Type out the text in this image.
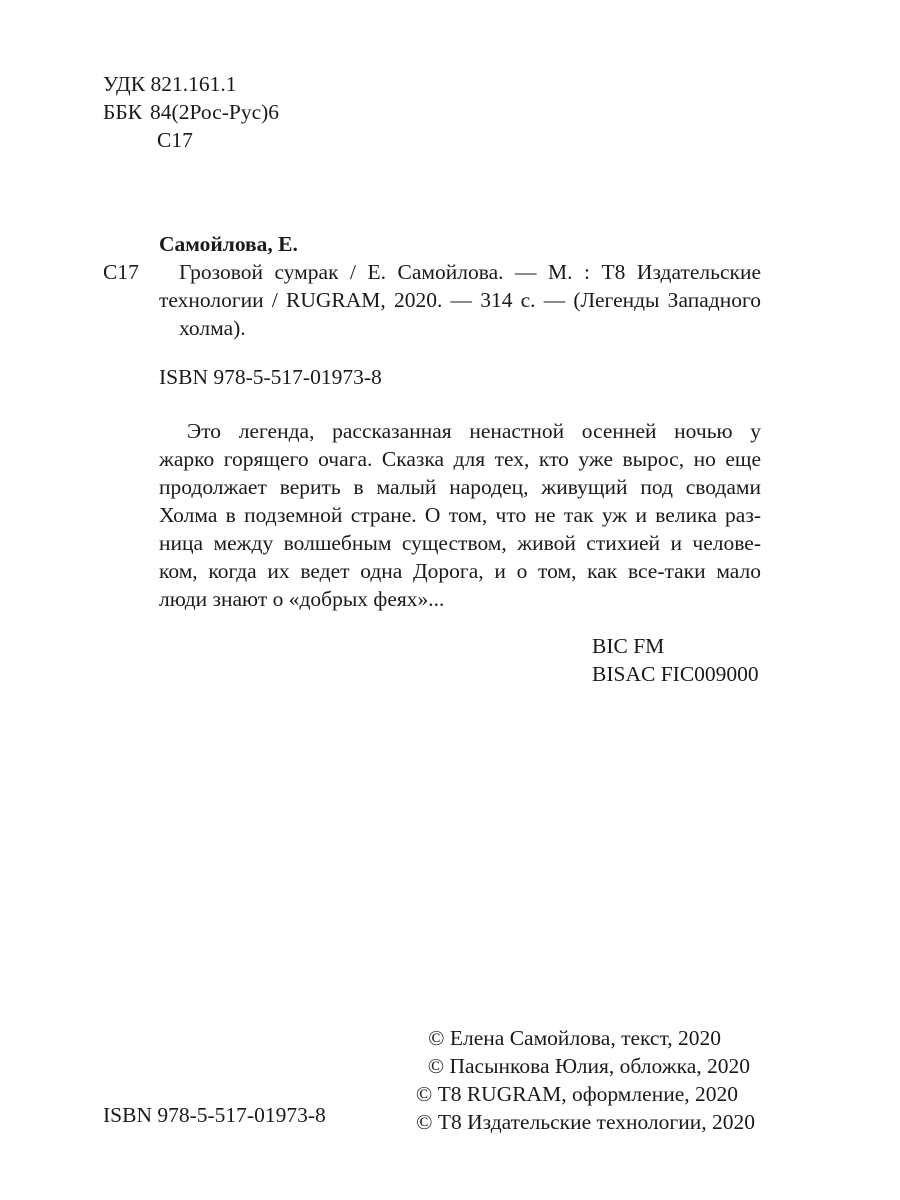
УДК 821.161.1
ББК 84(2Рос-Рус)6
С17
Самойлова, Е.
С17	Грозовой сумрак / Е. Самойлова. — М. : Т8 Издательские
технологии / RUGRAM, 2020. — 314 с. — (Легенды Западного
холма).
ISBN 978-5-517-01973-8
Это легенда, рассказанная ненастной осенней ночью у
жарко горящего очага. Сказка для тех, кто уже вырос, но еще
продолжает верить в малый народец, живущий под сводами
Холма в подземной стране. О том, что не так уж и велика раз-
ница между волшебным существом, живой стихией и челове-
ком, когда их ведет одна Дорога, и о том, как все-таки мало
люди знают о «добрых феях»...
BIC FM
BISAC FIC009000
© Елена Самойлова, текст, 2020
© Пасынкова Юлия, обложка, 2020
© Т8 RUGRAM, оформление, 2020
© Т8 Издательские технологии, 2020
ISBN 978-5-517-01973-8
